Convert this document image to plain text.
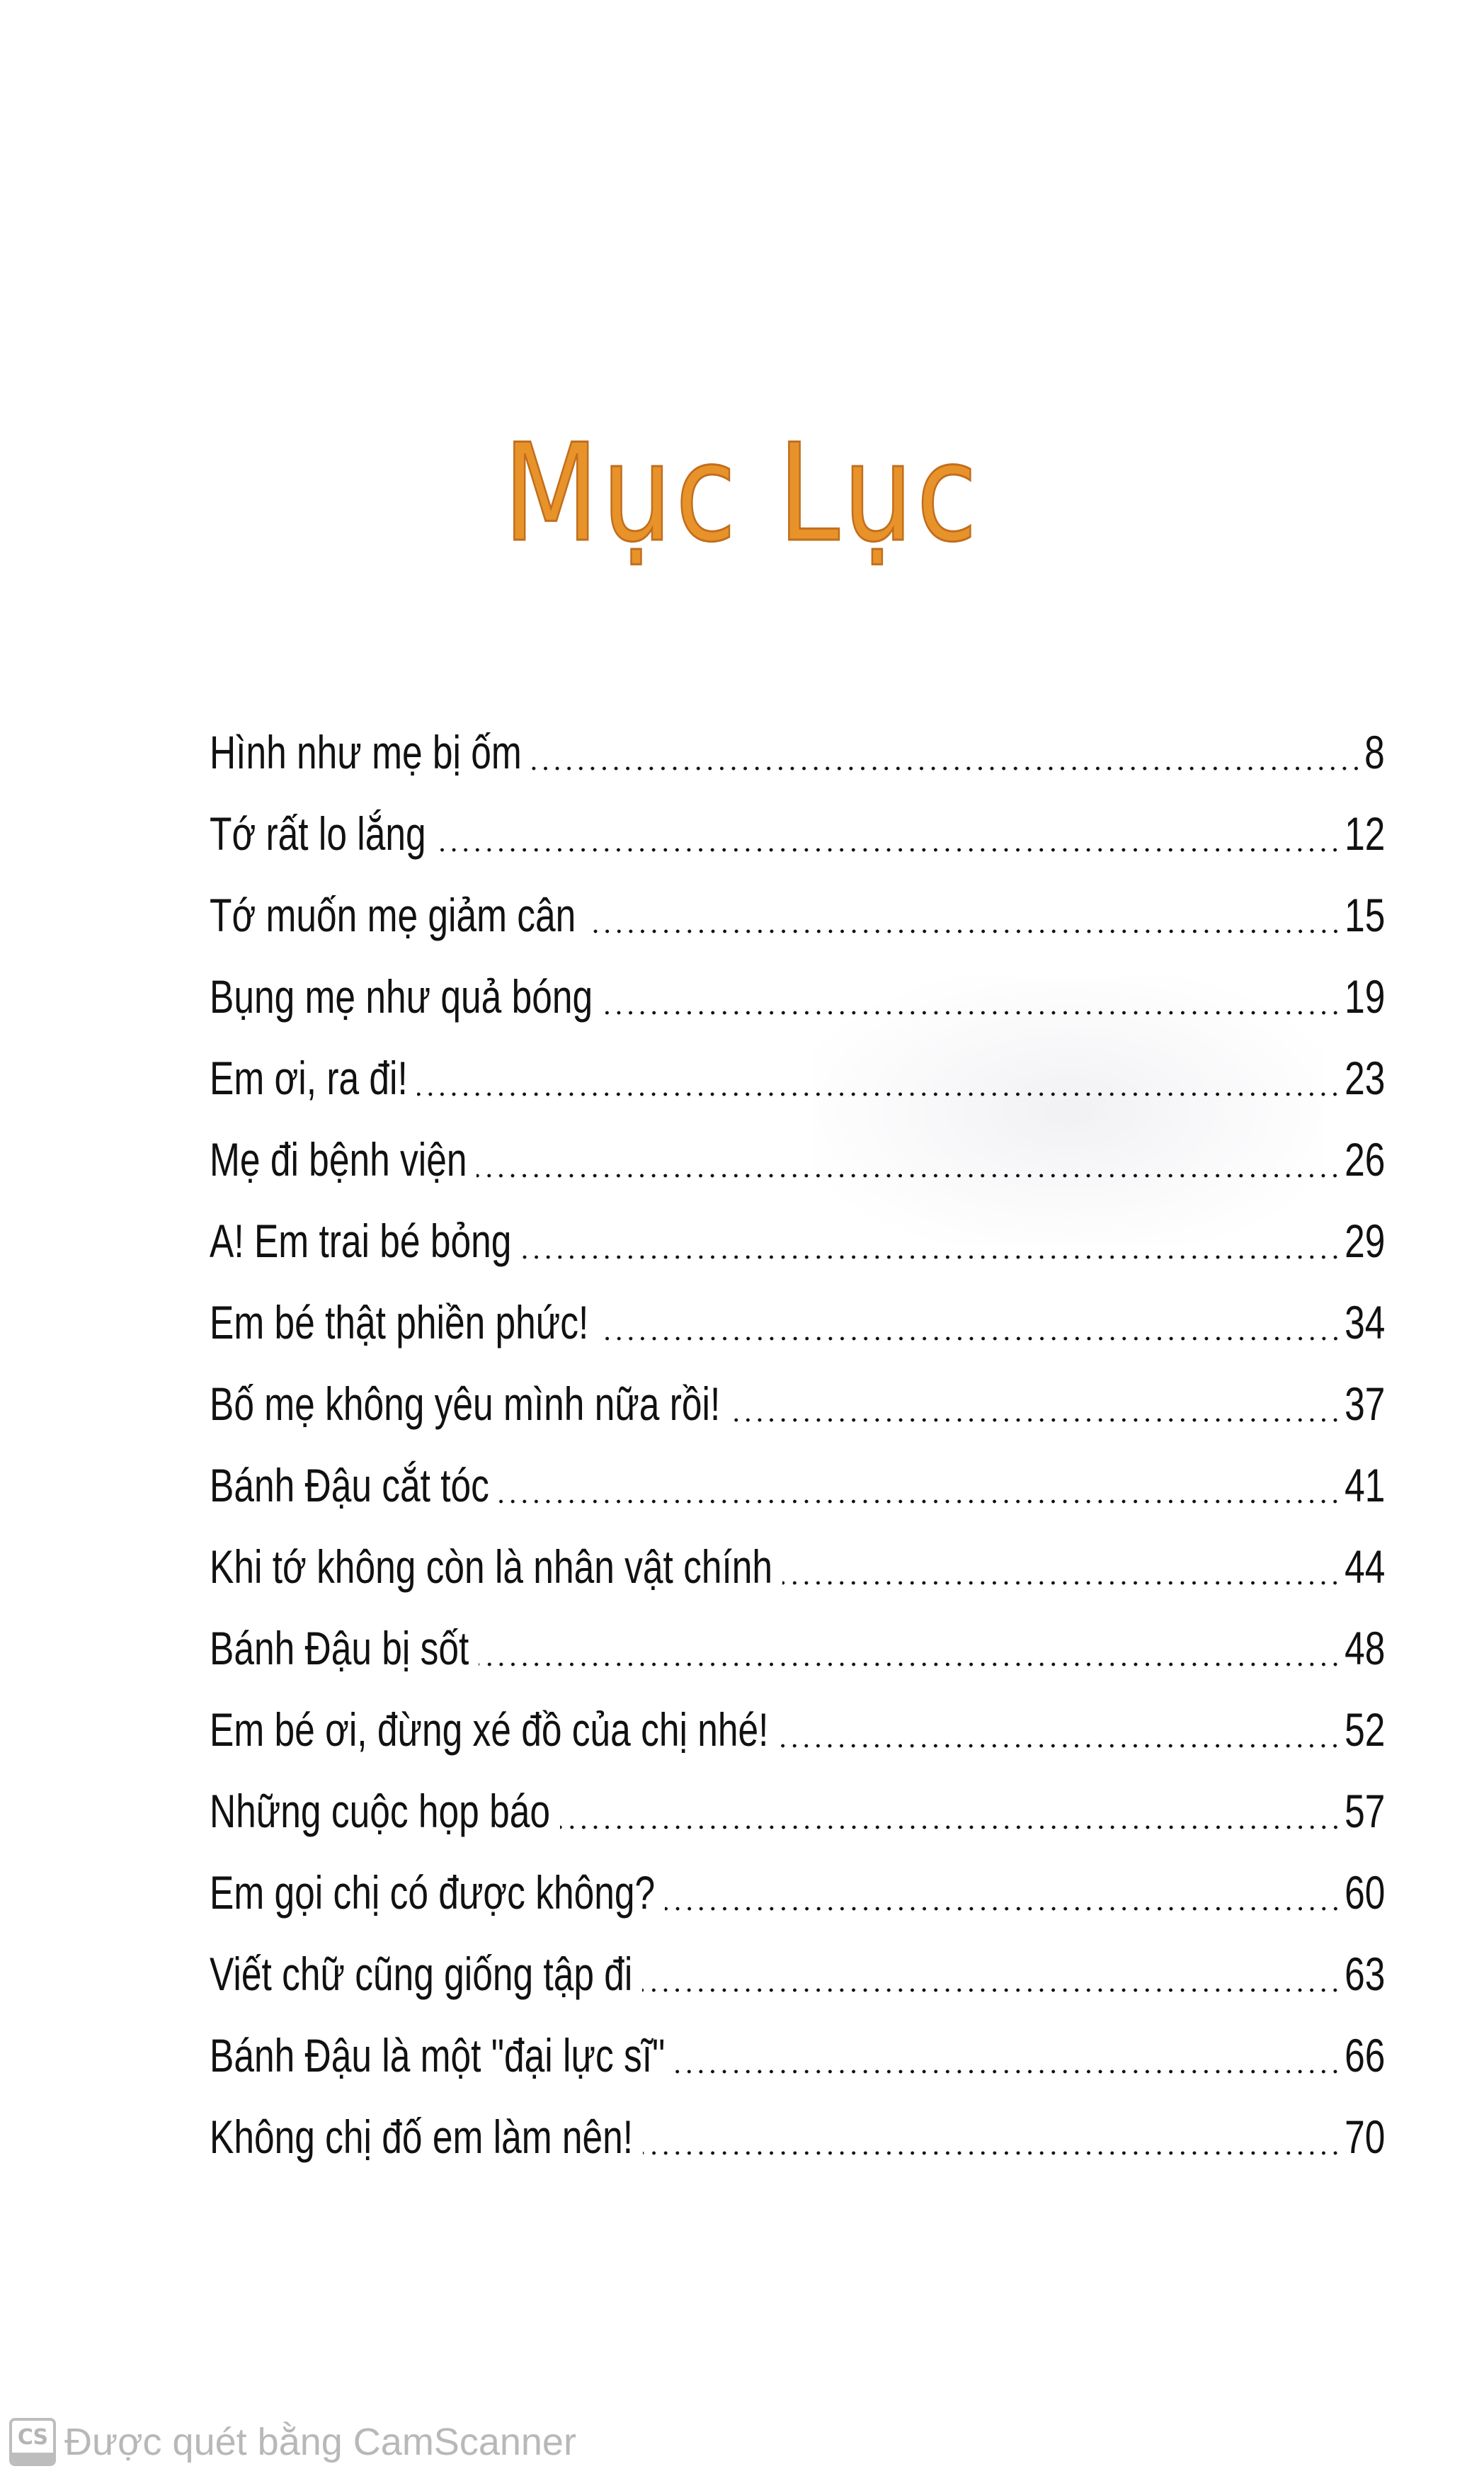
Mục Lục
Hình như mẹ bị ốm	8
Tớ rất lo lắng	12
Tớ muốn mẹ giảm cân	15
Bụng mẹ như quả bóng	19
Em ơi, ra đi!	23
Mẹ đi bệnh viện	26
A! Em trai bé bỏng	29
Em bé thật phiền phức!	34
Bố mẹ không yêu mình nữa rồi!	37
Bánh Đậu cắt tóc	41
Khi tớ không còn là nhân vật chính	44
Bánh Đậu bị sốt	48
Em bé ơi, đừng xé đồ của chị nhé!	52
Những cuộc họp báo	57
Em gọi chị có được không?	60
Viết chữ cũng giống tập đi	63
Bánh Đậu là một "đại lực sĩ"	66
Không chị đố em làm nên!	70
CS Được quét bằng CamScanner
